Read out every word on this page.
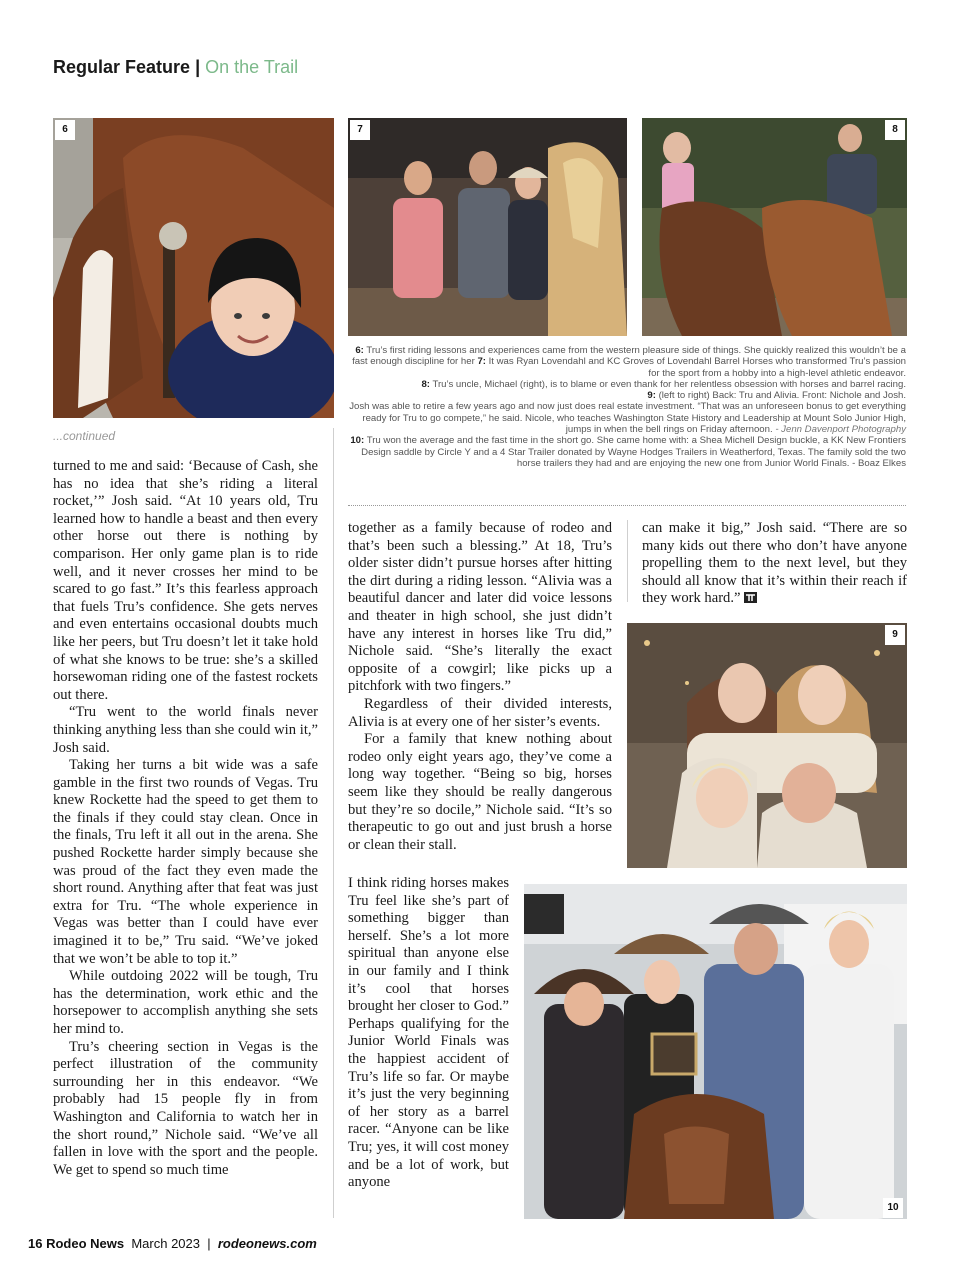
Regular Feature | On the Trail
6	7	8

6: Tru’s first riding lessons and experiences came from the western pleasure side of things. She quickly realized this wouldn’t be a fast enough discipline for her 7: It was Ryan Lovendahl and KC Groves of Lovendahl Barrel Horses who transformed Tru’s passion for the sport from a hobby into a high-level athletic endeavor.

8: Tru’s uncle, Michael (right), is to blame or even thank for her relentless obsession with horses and barrel racing.

9: (left to right) Back: Tru and Alivia. Front: Nichole and Josh.

Josh was able to retire a few years ago and now just does real estate investment. “That was an unforeseen bonus to get everything ready for Tru to go compete,” he said. Nicole, who teaches Washington State History and Leadership at Mount Solo Junior High, jumps in when the bell rings on Friday afternoon. - Jenn Davenport Photography

10: Tru won the average and the fast time in the short go. She came home with: a Shea Michell Design buckle, a KK New Frontiers Design saddle by Circle Y and a 4 Star Trailer donated by Wayne Hodges Trailers in Weatherford, Texas. The family sold the two horse trailers they had and are enjoying the new one from Junior World Finals. - Boaz Elkes

...continued

turned to me and said: ‘Because of Cash, she has no idea that she’s riding a literal rocket,’” Josh said. “At 10 years old, Tru learned how to handle a beast and then every other horse out there is nothing by comparison. Her only game plan is to ride well, and it never crosses her mind to be scared to go fast.” It’s this fearless approach that fuels Tru’s confidence. She gets nerves and even entertains occasional doubts much like her peers, but Tru doesn’t let it take hold of what she knows to be true: she’s a skilled horsewoman riding one of the fastest rockets out there.

“Tru went to the world finals never thinking anything less than she could win it,” Josh said.

Taking her turns a bit wide was a safe gamble in the first two rounds of Vegas. Tru knew Rockette had the speed to get them to the finals if they could stay clean. Once in the finals, Tru left it all out in the arena. She pushed Rockette harder simply because she was proud of the fact they even made the short round. Anything after that feat was just extra for Tru. “The whole experience in Vegas was better than I could have ever imagined it to be,” Tru said. “We’ve joked that we won’t be able to top it.”

While outdoing 2022 will be tough, Tru has the determination, work ethic and the horsepower to accomplish anything she sets her mind to.

Tru’s cheering section in Vegas is the perfect illustration of the community surrounding her in this endeavor. “We probably had 15 people fly in from Washington and California to watch her in the short round,” Nichole said. “We’ve all fallen in love with the sport and the people. We get to spend so much time

together as a family because of rodeo and that’s been such a blessing.” At 18, Tru’s older sister didn’t pursue horses after hitting the dirt during a riding lesson. “Alivia was a beautiful dancer and later did voice lessons and theater in high school, she just didn’t have any interest in horses like Tru did,” Nichole said. “She’s literally the exact opposite of a cowgirl; like picks up a pitchfork with two fingers.”

Regardless of their divided interests, Alivia is at every one of her sister’s events.

For a family that knew nothing about rodeo only eight years ago, they’ve come a long way together. “Being so big, horses seem like they should be really dangerous but they’re so docile,” Nichole said. “It’s so therapeutic to go out and just brush a horse or clean their stall.

I think riding horses makes Tru feel like she’s part of something bigger than herself. She’s a lot more spiritual than anyone else in our family and I think it’s cool that horses brought her closer to God.” Perhaps qualifying for the Junior World Finals was the happiest accident of Tru’s life so far. Or maybe it’s just the very beginning of her story as a barrel racer. “Anyone can be like Tru; yes, it will cost money and be a lot of work, but anyone

can make it big,” Josh said. “There are so many kids out there who don’t have anyone propelling them to the next level, but they should all know that it’s within their reach if they work hard.”

9
10
16 Rodeo News March 2023 | rodeonews.com
